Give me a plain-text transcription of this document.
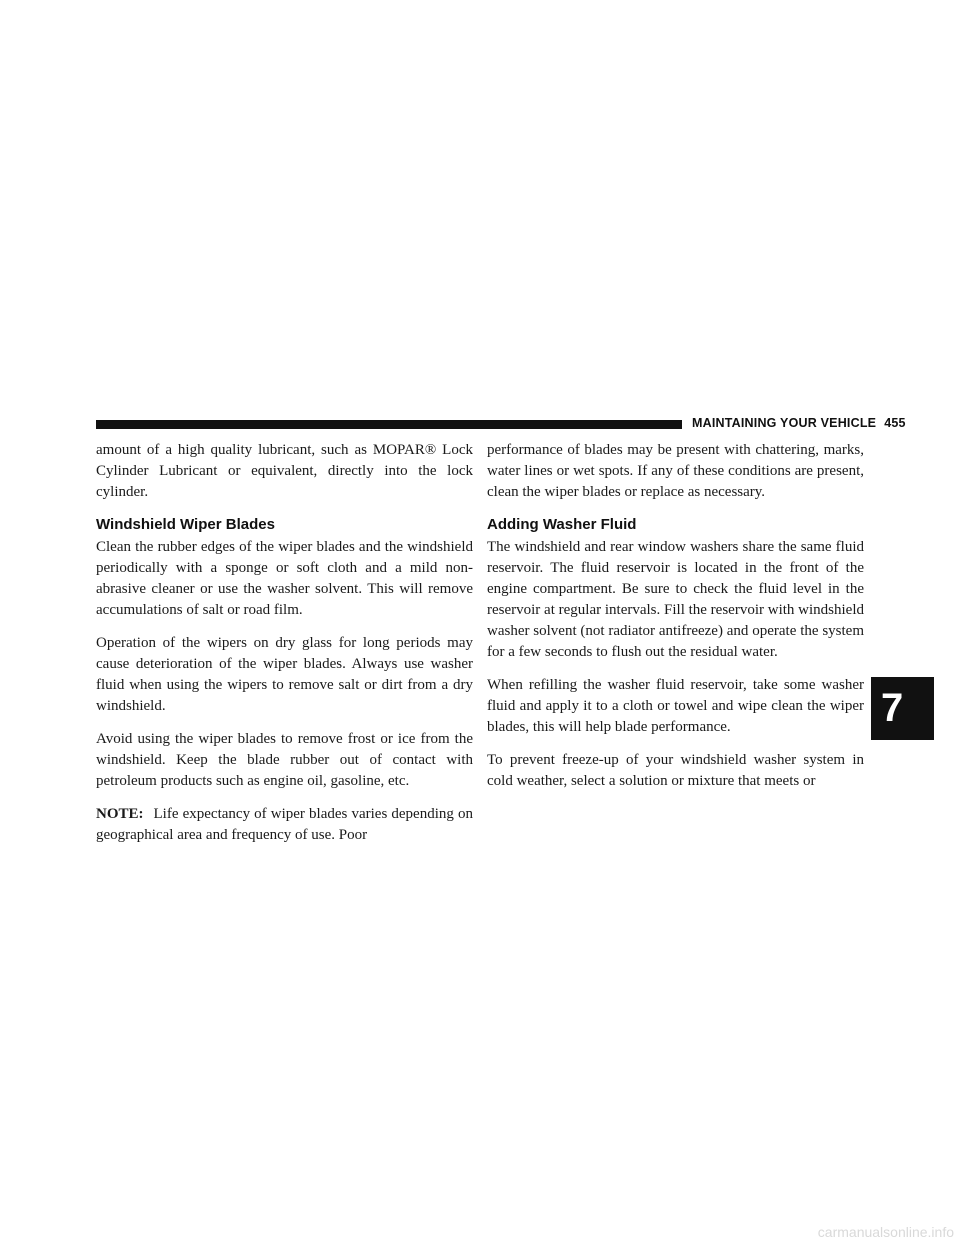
MAINTAINING YOUR VEHICLE 455

amount of a high quality lubricant, such as MOPAR® Lock Cylinder Lubricant or equivalent, directly into the lock cylinder.

Windshield Wiper Blades

Clean the rubber edges of the wiper blades and the windshield periodically with a sponge or soft cloth and a mild non-abrasive cleaner or use the washer solvent. This will remove accumulations of salt or road film.

Operation of the wipers on dry glass for long periods may cause deterioration of the wiper blades. Always use washer fluid when using the wipers to remove salt or dirt from a dry windshield.

Avoid using the wiper blades to remove frost or ice from the windshield. Keep the blade rubber out of contact with petroleum products such as engine oil, gasoline, etc.

NOTE: Life expectancy of wiper blades varies depending on geographical area and frequency of use. Poor

performance of blades may be present with chattering, marks, water lines or wet spots. If any of these conditions are present, clean the wiper blades or replace as necessary.

Adding Washer Fluid

The windshield and rear window washers share the same fluid reservoir. The fluid reservoir is located in the front of the engine compartment. Be sure to check the fluid level in the reservoir at regular intervals. Fill the reservoir with windshield washer solvent (not radiator antifreeze) and operate the system for a few seconds to flush out the residual water.

When refilling the washer fluid reservoir, take some washer fluid and apply it to a cloth or towel and wipe clean the wiper blades, this will help blade performance.

To prevent freeze-up of your windshield washer system in cold weather, select a solution or mixture that meets or

7
carmanualsonline.info
